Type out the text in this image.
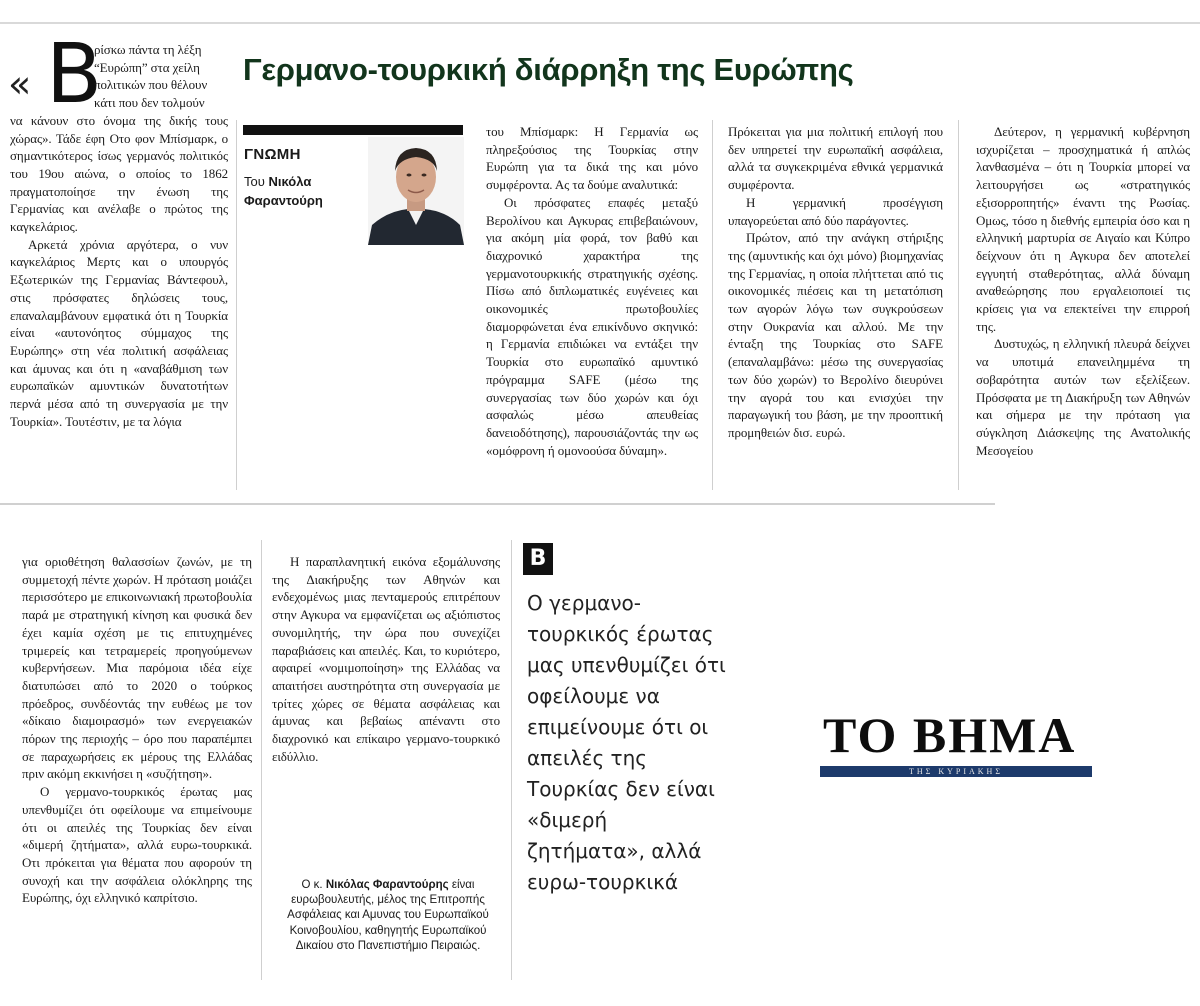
« Β	Γερμανο-τουρκική διάρρηξη της Ευρώπης

ρίσκω πάντα τη λέξη

“Ευρώπη” στα χείλη

πολιτικών που θέλουν

κάτι που δεν τολμούν

να κάνουν στο όνομα της δικής τους χώρας». Τάδε έφη Οτο φον Μπίσμαρκ, ο σημαντικότερος ίσως γερμανός πολιτικός του 19ου αιώνα, ο οποίος το 1862 πραγματοποίησε την ένωση της Γερμανίας και ανέλαβε ο πρώτος της καγκελάριος.

Αρκετά χρόνια αργότερα, ο νυν καγκελάριος Μερτς και ο υπουργός Εξωτερικών της Γερμανίας Βάντεφουλ, στις πρόσφατες δηλώσεις τους, επαναλαμβάνουν εμφατικά ότι η Τουρκία είναι «αυτονόητος σύμμαχος της Ευρώπης» στη νέα πολιτική ασφάλειας και άμυνας και ότι η «αναβάθμιση των ευρωπαϊκών αμυντικών δυνατοτήτων περνά μέσα από τη συνεργασία με την Τουρκία». Τουτέστιν, με τα λόγια

ΓΝΩΜΗ
Του Νικόλα
Φαραντούρη

του Μπίσμαρκ: Η Γερμανία ως πληρεξούσιος της Τουρκίας στην Ευρώπη για τα δικά της και μόνο συμφέροντα. Ας τα δούμε αναλυτικά:

Οι πρόσφατες επαφές μεταξύ Βερολίνου και Αγκυρας επιβεβαιώνουν, για ακόμη μία φορά, τον βαθύ και διαχρονικό χαρακτήρα της γερμανοτουρκικής στρατηγικής σχέσης. Πίσω από διπλωματικές ευγένειες και οικονομικές πρωτοβουλίες διαμορφώνεται ένα επικίνδυνο σκηνικό: η Γερμανία επιδιώκει να εντάξει την Τουρκία στο ευρωπαϊκό αμυντικό πρόγραμμα SAFE (μέσω της συνεργασίας των δύο χωρών και όχι ασφαλώς μέσω απευθείας δανειοδότησης), παρουσιάζοντάς την ως «ομόφρονη ή ομονοούσα δύναμη».

Πρόκειται για μια πολιτική επιλογή που δεν υπηρετεί την ευρωπαϊκή ασφάλεια, αλλά τα συγκεκριμένα εθνικά γερμανικά συμφέροντα.

Η γερμανική προσέγγιση υπαγορεύεται από δύο παράγοντες.

Πρώτον, από την ανάγκη στήριξης της (αμυντικής και όχι μόνο) βιομηχανίας της Γερμανίας, η οποία πλήττεται από τις οικονομικές πιέσεις και τη μετατόπιση των αγορών λόγω των συγκρούσεων στην Ουκρανία και αλλού. Με την ένταξη της Τουρκίας στο SAFE (επαναλαμβάνω: μέσω της συνεργασίας των δύο χωρών) το Βερολίνο διευρύνει την αγορά του και ενισχύει την παραγωγική του βάση, με την προοπτική προμηθειών δισ. ευρώ.

Δεύτερον, η γερμανική κυβέρνηση ισχυρίζεται – προσχηματικά ή απλώς λανθασμένα – ότι η Τουρκία μπορεί να λειτουργήσει ως «στρατηγικός εξισορροπητής» έναντι της Ρωσίας. Ομως, τόσο η διεθνής εμπειρία όσο και η ελληνική μαρτυρία σε Αιγαίο και Κύπρο δείχνουν ότι η Αγκυρα δεν αποτελεί εγγυητή σταθερότητας, αλλά δύναμη αναθεώρησης που εργαλειοποιεί τις κρίσεις για να επεκτείνει την επιρροή της.

Δυστυχώς, η ελληνική πλευρά δείχνει να υποτιμά επανειλημμένα τη σοβαρότητα αυτών των εξελίξεων. Πρόσφατα με τη Διακήρυξη των Αθηνών και σήμερα με την πρόταση για σύγκληση Διάσκεψης της Ανατολικής Μεσογείου

για οριοθέτηση θαλασσίων ζωνών, με τη συμμετοχή πέντε χωρών. Η πρόταση μοιάζει περισσότερο με επικοινωνιακή πρωτοβουλία παρά με στρατηγική κίνηση και φυσικά δεν έχει καμία σχέση με τις επιτυχημένες τριμερείς και τετραμερείς προηγούμενων κυβερνήσεων. Μια παρόμοια ιδέα είχε διατυπώσει από το 2020 ο τούρκος πρόεδρος, συνδέοντάς την ευθέως με τον «δίκαιο διαμοιρασμό» των ενεργειακών πόρων της περιοχής – όρο που παραπέμπει σε παραχωρήσεις εκ μέρους της Ελλάδας πριν ακόμη εκκινήσει η «συζήτηση».

Ο γερμανο-τουρκικός έρωτας μας υπενθυμίζει ότι οφείλουμε να επιμείνουμε ότι οι απειλές της Τουρκίας δεν είναι «διμερή ζητήματα», αλλά ευρω-τουρκικά. Οτι πρόκειται για θέματα που αφορούν τη συνοχή και την ασφάλεια ολόκληρης της Ευρώπης, όχι ελληνικό καπρίτσιο.

Η παραπλανητική εικόνα εξομάλυνσης της Διακήρυξης των Αθηνών και ενδεχομένως μιας πενταμερούς επιτρέπουν στην Αγκυρα να εμφανίζεται ως αξιόπιστος συνομιλητής, την ώρα που συνεχίζει παραβιάσεις και απειλές. Και, το κυριότερο, αφαιρεί «νομιμοποίηση» της Ελλάδας να απαιτήσει αυστηρότητα στη συνεργασία με τρίτες χώρες σε θέματα ασφάλειας και άμυνας και βεβαίως απέναντι στο διαχρονικό και επίκαιρο γερμανο-τουρκικό ειδύλλιο.

Ο κ. Νικόλας Φαραντούρης είναι ευρωβουλευτής, μέλος της Επιτροπής Ασφάλειας και Αμυνας του Ευρωπαϊκού Κοινοβουλίου, καθηγητής Ευρωπαϊκού Δικαίου στο Πανεπιστήμιο Πειραιώς.
Β
Ο γερμανο-τουρκικός έρωτας μας υπενθυμίζει ότι οφείλουμε να επιμείνουμε ότι οι απειλές της Τουρκίας δεν είναι «διμερή ζητήματα», αλλά ευρω-τουρκικά
ΤΟ ΒΗΜΑ
ΤΗΣ ΚΥΡΙΑΚΗΣ
